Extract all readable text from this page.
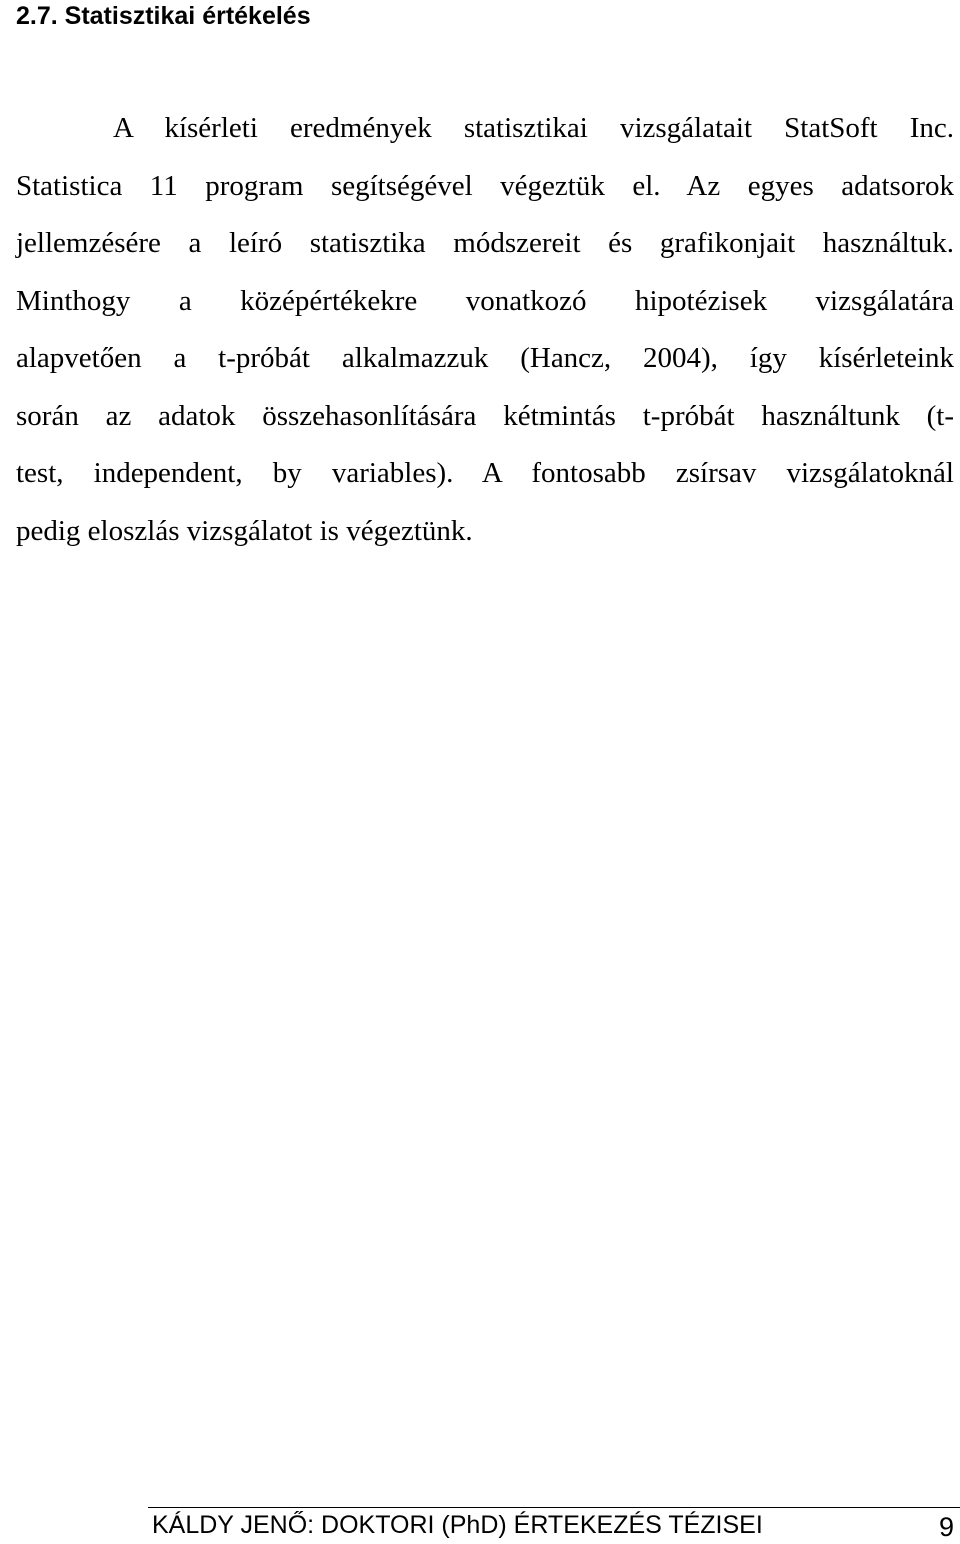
2.7. Statisztikai értékelés
A kísérleti eredmények statisztikai vizsgálatait StatSoft Inc.
Statistica 11 program segítségével végeztük el. Az egyes adatsorok
jellemzésére a leíró statisztika módszereit és grafikonjait használtuk.
Minthogy a középértékekre vonatkozó hipotézisek vizsgálatára
alapvetően a t-próbát alkalmazzuk (Hancz, 2004), így kísérleteink
során az adatok összehasonlítására kétmintás t-próbát használtunk (t-
test, independent, by variables). A fontosabb zsírsav vizsgálatoknál
pedig eloszlás vizsgálatot is végeztünk.
KÁLDY JENŐ: DOKTORI (PhD) ÉRTEKEZÉS TÉZISEI	9
